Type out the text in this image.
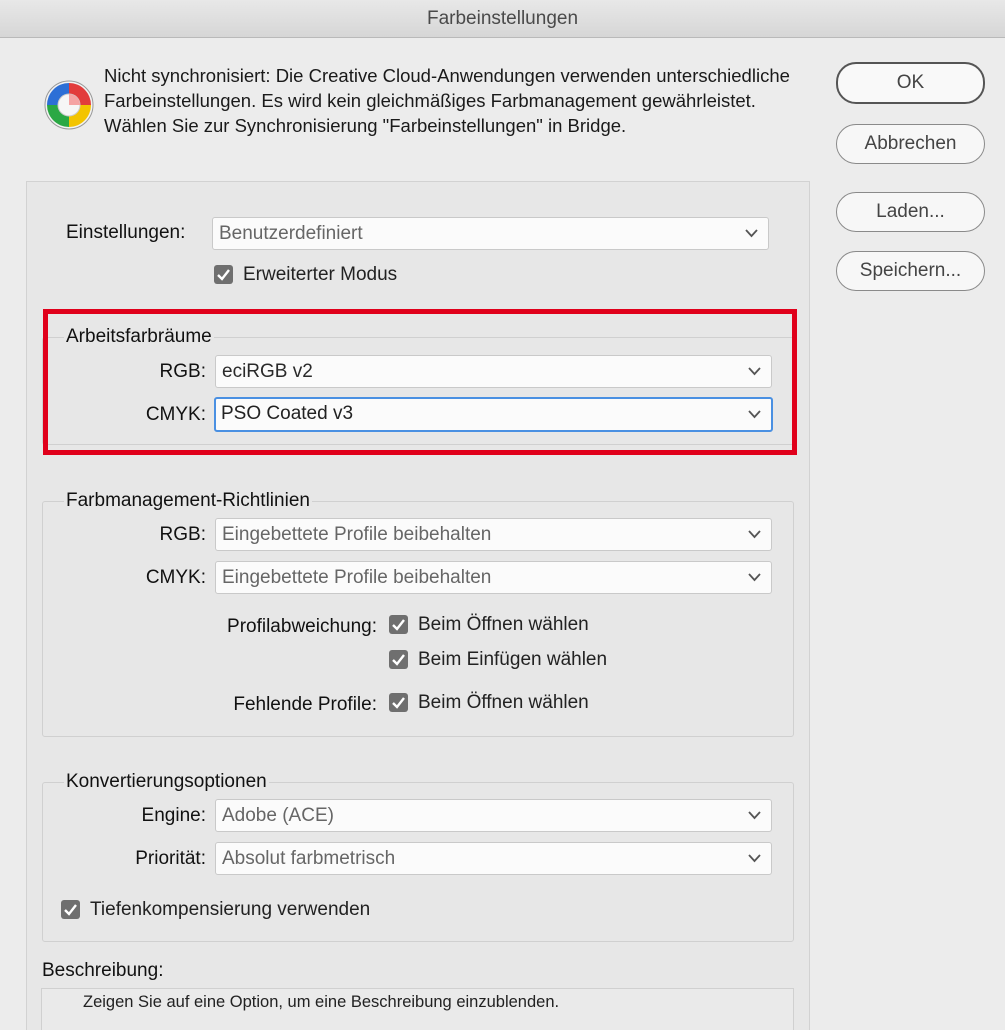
Farbeinstellungen
Nicht synchronisiert: Die Creative Cloud-Anwendungen verwenden unterschiedliche Farbeinstellungen. Es wird kein gleichmäßiges Farbmanagement gewährleistet. Wählen Sie zur Synchronisierung "Farbeinstellungen" in Bridge.
OK
Abbrechen
Laden...
Speichern...
Einstellungen:	Benutzerdefiniert
Erweiterter Modus
Arbeitsfarbräume
RGB: eciRGB v2
CMYK: PSO Coated v3
Farbmanagement-Richtlinien
RGB: Eingebettete Profile beibehalten
CMYK: Eingebettete Profile beibehalten
Profilabweichung: Beim Öffnen wählen
Beim Einfügen wählen
Fehlende Profile: Beim Öffnen wählen
Konvertierungsoptionen
Engine: Adobe (ACE)
Priorität: Absolut farbmetrisch
Tiefenkompensierung verwenden
Beschreibung:
Zeigen Sie auf eine Option, um eine Beschreibung einzublenden.
